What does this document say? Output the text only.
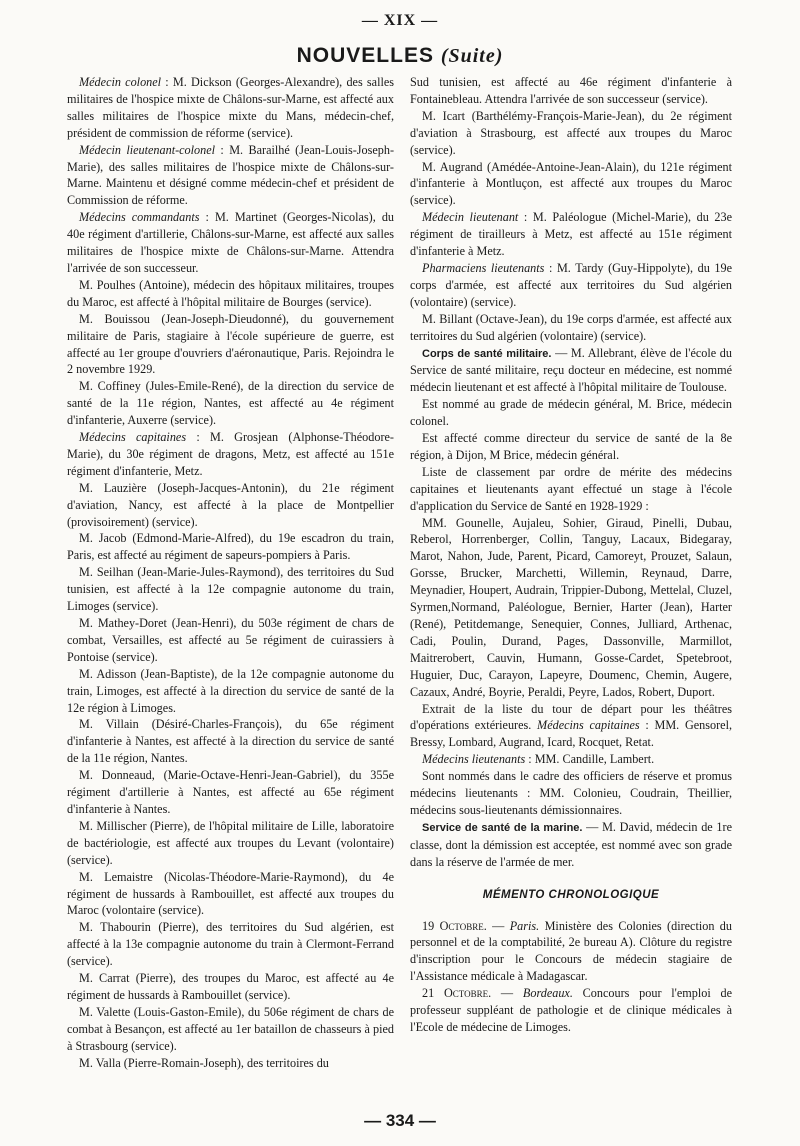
— XIX —
NOUVELLES (Suite)

Médecin colonel : M. Dickson (Georges-Alexandre), des salles militaires de l'hospice mixte de Châlons-sur-Marne, est affecté aux salles militaires de l'hospice mixte du Mans, médecin-chef, président de commission de réforme (service).

Médecin lieutenant-colonel : M. Barailhé (Jean-Louis-Joseph-Marie), des salles militaires de l'hospice mixte de Châlons-sur-Marne. Maintenu et désigné comme médecin-chef et président de Commission de réforme.

Médecins commandants : M. Martinet (Georges-Nicolas), du 40e régiment d'artillerie, Châlons-sur-Marne, est affecté aux salles militaires de l'hospice mixte de Châlons-sur-Marne. Attendra l'arrivée de son successeur.

M. Poulhes (Antoine), médecin des hôpitaux militaires, troupes du Maroc, est affecté à l'hôpital militaire de Bourges (service).

M. Bouissou (Jean-Joseph-Dieudonné), du gouvernement militaire de Paris, stagiaire à l'école supérieure de guerre, est affecté au 1er groupe d'ouvriers d'aéronautique, Paris. Rejoindra le 2 novembre 1929.

M. Coffiney (Jules-Emile-René), de la direction du service de santé de la 11e région, Nantes, est affecté au 4e régiment d'infanterie, Auxerre (service).

Médecins capitaines : M. Grosjean (Alphonse-Théodore-Marie), du 30e régiment de dragons, Metz, est affecté au 151e régiment d'infanterie, Metz.

M. Lauzière (Joseph-Jacques-Antonin), du 21e régiment d'aviation, Nancy, est affecté à la place de Montpellier (provisoirement) (service).

M. Jacob (Edmond-Marie-Alfred), du 19e escadron du train, Paris, est affecté au régiment de sapeurs-pompiers à Paris.

M. Seilhan (Jean-Marie-Jules-Raymond), des territoires du Sud tunisien, est affecté à la 12e compagnie autonome du train, Limoges (service).

M. Mathey-Doret (Jean-Henri), du 503e régiment de chars de combat, Versailles, est affecté au 5e régiment de cuirassiers à Pontoise (service).

M. Adisson (Jean-Baptiste), de la 12e compagnie autonome du train, Limoges, est affecté à la direction du service de santé de la 12e région à Limoges.

M. Villain (Désiré-Charles-François), du 65e régiment d'infanterie à Nantes, est affecté à la direction du service de santé de la 11e région, Nantes.

M. Donneaud, (Marie-Octave-Henri-Jean-Gabriel), du 355e régiment d'artillerie à Nantes, est affecté au 65e régiment d'infanterie à Nantes.

M. Millischer (Pierre), de l'hôpital militaire de Lille, laboratoire de bactériologie, est affecté aux troupes du Levant (volontaire) (service).

M. Lemaistre (Nicolas-Théodore-Marie-Raymond), du 4e régiment de hussards à Rambouillet, est affecté aux troupes du Maroc (volontaire (service).

M. Thabourin (Pierre), des territoires du Sud algérien, est affecté à la 13e compagnie autonome du train à Clermont-Ferrand (service).

M. Carrat (Pierre), des troupes du Maroc, est affecté au 4e régiment de hussards à Rambouillet (service).

M. Valette (Louis-Gaston-Emile), du 506e régiment de chars de combat à Besançon, est affecté au 1er bataillon de chasseurs à pied à Strasbourg (service).

M. Valla (Pierre-Romain-Joseph), des territoires du

Sud tunisien, est affecté au 46e régiment d'infanterie à Fontainebleau. Attendra l'arrivée de son successeur (service).

M. Icart (Barthélémy-François-Marie-Jean), du 2e régiment d'aviation à Strasbourg, est affecté aux troupes du Maroc (service).

M. Augrand (Amédée-Antoine-Jean-Alain), du 121e régiment d'infanterie à Montluçon, est affecté aux troupes du Maroc (service).

Médecin lieutenant : M. Paléologue (Michel-Marie), du 23e régiment de tirailleurs à Metz, est affecté au 151e régiment d'infanterie à Metz.

Pharmaciens lieutenants : M. Tardy (Guy-Hippolyte), du 19e corps d'armée, est affecté aux territoires du Sud algérien (volontaire) (service).

M. Billant (Octave-Jean), du 19e corps d'armée, est affecté aux territoires du Sud algérien (volontaire) (service).

Corps de santé militaire. — M. Allebrant, élève de l'école du Service de santé militaire, reçu docteur en médecine, est nommé médecin lieutenant et est affecté à l'hôpital militaire de Toulouse.

Est nommé au grade de médecin général, M. Brice, médecin colonel.

Est affecté comme directeur du service de santé de la 8e région, à Dijon, M Brice, médecin général.

Liste de classement par ordre de mérite des médecins capitaines et lieutenants ayant effectué un stage à l'école d'application du Service de Santé en 1928-1929 :

MM. Gounelle, Aujaleu, Sohier, Giraud, Pinelli, Dubau, Reberol, Horrenberger, Collin, Tanguy, Lacaux, Bidegaray, Marot, Nahon, Jude, Parent, Picard, Camoreyt, Prouzet, Salaun, Gorsse, Brucker, Marchetti, Willemin, Reynaud, Darre, Meynadier, Houpert, Audrain, Trippier-Dubong, Mettelal, Cluzel, Syrmen,Normand, Paléologue, Bernier, Harter (Jean), Harter (René), Petitdemange, Senequier, Connes, Julliard, Arthenac, Cadi, Poulin, Durand, Pages, Dassonville, Marmillot, Maitrerobert, Cauvin, Humann, Gosse-Cardet, Spetebroot, Huguier, Duc, Carayon, Lapeyre, Doumenc, Chemin, Augere, Cazaux, André, Boyrie, Peraldi, Peyre, Lados, Robert, Duport.

Extrait de la liste du tour de départ pour les théâtres d'opérations extérieures. Médecins capitaines : MM. Gensorel, Bressy, Lombard, Augrand, Icard, Rocquet, Retat.

Médecins lieutenants : MM. Candille, Lambert.

Sont nommés dans le cadre des officiers de réserve et promus médecins lieutenants : MM. Colonieu, Coudrain, Theillier, médecins sous-lieutenants démissionnaires.

Service de santé de la marine. — M. David, médecin de 1re classe, dont la démission est acceptée, est nommé avec son grade dans la réserve de l'armée de mer.

MÉMENTO CHRONOLOGIQUE

19 Octobre. — Paris. Ministère des Colonies (direction du personnel et de la comptabilité, 2e bureau A). Clôture du registre d'inscription pour le Concours de médecin stagiaire de l'Assistance médicale à Madagascar.

21 Octobre. — Bordeaux. Concours pour l'emploi de professeur suppléant de pathologie et de clinique médicales à l'Ecole de médecine de Limoges.

— 334 —
